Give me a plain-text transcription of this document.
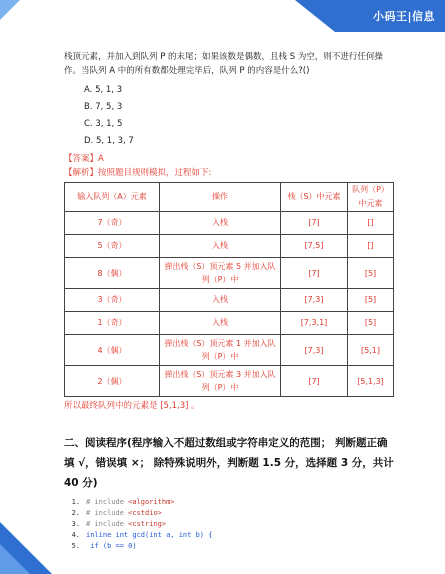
小码王|信息

栈顶元素，并加入到队列 P 的末尾；如果该数是偶数，且栈 S 为空，则不进行任何操作。当队列 A 中的所有数都处理完毕后，队列 P 的内容是什么?()

A. 5, 1, 3
B. 7, 5, 3
C. 3, 1, 5
D. 5, 1, 3, 7
【答案】A
【解析】按照题目规则模拟，过程如下:
输入队列（A）元素	操作	栈（S）中元素	队列（P）中元素
7（奇）	入栈	[7]	[]
5（奇）	入栈	[7,5]	[]
8（偶）	弹出栈（S）顶元素 5 并加入队列（P）中	[7]	[5]
3（奇）	入栈	[7,3]	[5]
1（奇）	入栈	[7,3,1]	[5]
4（偶）	弹出栈（S）顶元素 1 并加入队列（P）中	[7,3]	[5,1]
2（偶）	弹出栈（S）顶元素 3 并加入队列（P）中	[7]	[5,1,3]
所以最终队列中的元素是 [5,1,3] 。
二、阅读程序(程序输入不超过数组或字符串定义的范围； 判断题正确填 √，错误填 ×； 除特殊说明外，判断题 1.5 分，选择题 3 分，共计 40 分)
1. # include <algorithm>
2. # include <cstdio>
3. # include <cstring>
4. inline int gcd(int a, int b) {
5. if (b == 0)
